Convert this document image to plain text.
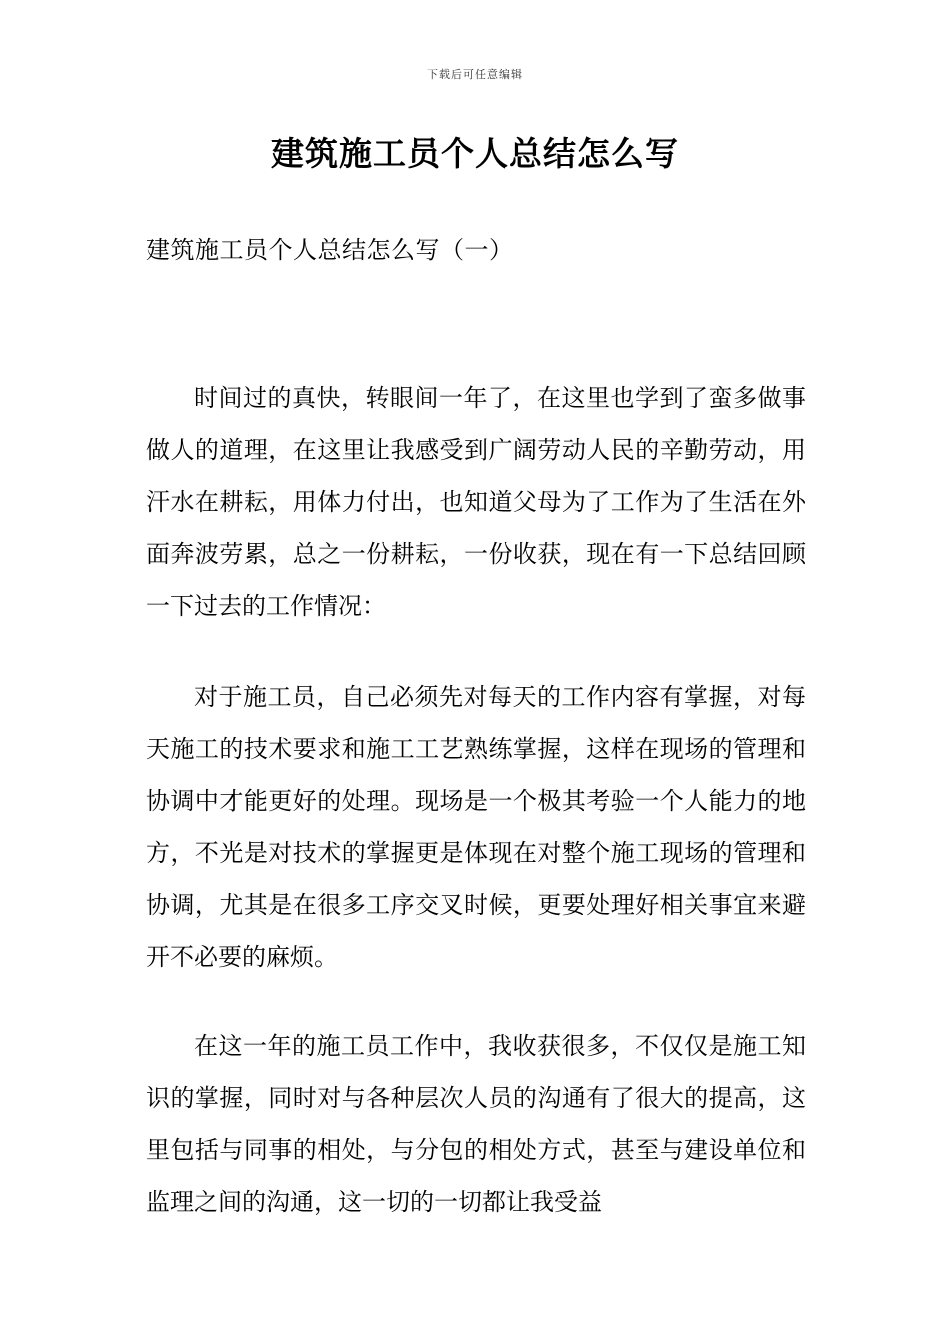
下载后可任意编辑
建筑施工员个人总结怎么写
建筑施工员个人总结怎么写（一）

时间过的真快，转眼间一年了，在这里也学到了蛮多做事做人的道理，在这里让我感受到广阔劳动人民的辛勤劳动，用汗水在耕耘，用体力付出，也知道父母为了工作为了生活在外面奔波劳累，总之一份耕耘，一份收获，现在有一下总结回顾一下过去的工作情况：

对于施工员，自己必须先对每天的工作内容有掌握，对每天施工的技术要求和施工工艺熟练掌握，这样在现场的管理和协调中才能更好的处理。现场是一个极其考验一个人能力的地方，不光是对技术的掌握更是体现在对整个施工现场的管理和协调，尤其是在很多工序交叉时候，更要处理好相关事宜来避开不必要的麻烦。

在这一年的施工员工作中，我收获很多，不仅仅是施工知识的掌握，同时对与各种层次人员的沟通有了很大的提高，这里包括与同事的相处，与分包的相处方式，甚至与建设单位和监理之间的沟通，这一切的一切都让我受益
